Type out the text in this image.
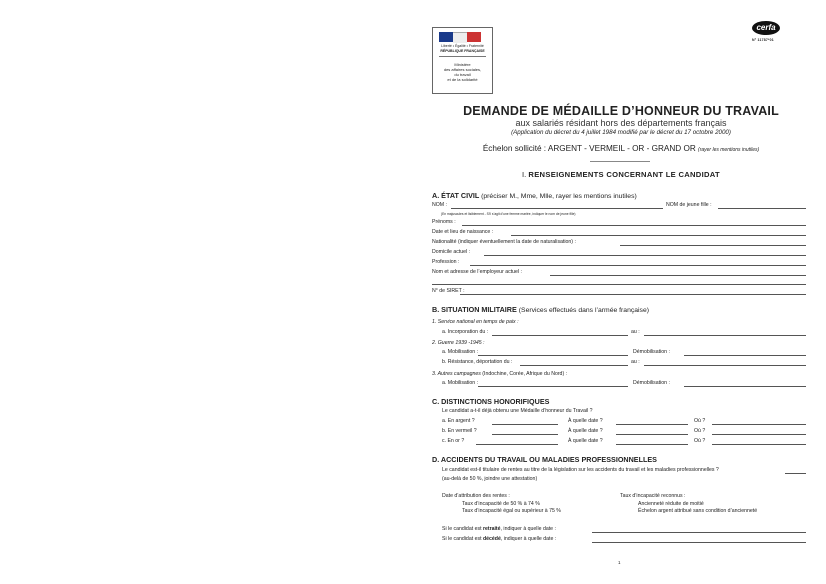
Liberté • Égalité • Fraternité
RÉPUBLIQUE FRANÇAISE
Ministère
des affaires sociales,
du travail
et de la solidarité
cerfa
N° 11787*01
DEMANDE DE MÉDAILLE D’HONNEUR DU TRAVAIL
aux salariés résidant hors des départements français
(Application du décret du 4 juillet 1984 modifié par le décret du 17 octobre 2000)
Échelon sollicité : ARGENT - VERMEIL - OR - GRAND OR (rayer les mentions inutiles)
I. RENSEIGNEMENTS CONCERNANT LE CANDIDAT
A. ÉTAT CIVIL (préciser M., Mme, Mlle, rayer les mentions inutiles)
NOM :	NOM de jeune fille :
(En majuscules et lisiblement - S’il s’agit d’une femme mariée, indiquer le nom de jeune fille)
Prénoms :
Date et lieu de naissance :
Nationalité (indiquer éventuellement la date de naturalisation) :
Domicile actuel :
Profession :
Nom et adresse de l’employeur actuel :
N° de SIRET :
B. SITUATION MILITAIRE (Services effectués dans l’armée française)
1. Service national en temps de paix :
a. Incorporation du :	au :
2. Guerre 1939 -1945 :
a. Mobilisation :	Démobilisation :
b. Résistance, déportation du :	au :
3. Autres campagnes (Indochine, Corée, Afrique du Nord) :
a. Mobilisation :	Démobilisation :
C. DISTINCTIONS HONORIFIQUES
Le candidat a-t-il déjà obtenu une Médaille d’honneur du Travail ?
a. En argent ?	À quelle date ?	Où ?
b. En vermeil ?	À quelle date ?	Où ?
c. En or ?	À quelle date ?	Où ?
D. ACCIDENTS DU TRAVAIL OU MALADIES PROFESSIONNELLES
Le candidat est-il titulaire de rentes au titre de la législation sur les accidents du travail et les maladies professionnelles ?
(au-delà de 50 %, joindre une attestation)
Date d’attribution des rentes :	Taux d’incapacité reconnus :
Taux d’incapacité de 50 % à 74 %	Ancienneté réduite de moitié
Taux d’incapacité égal ou supérieur à 75 %	Échelon argent attribué sans condition d’ancienneté
Si le candidat est retraité, indiquer à quelle date :
Si le candidat est décédé, indiquer à quelle date :
1
